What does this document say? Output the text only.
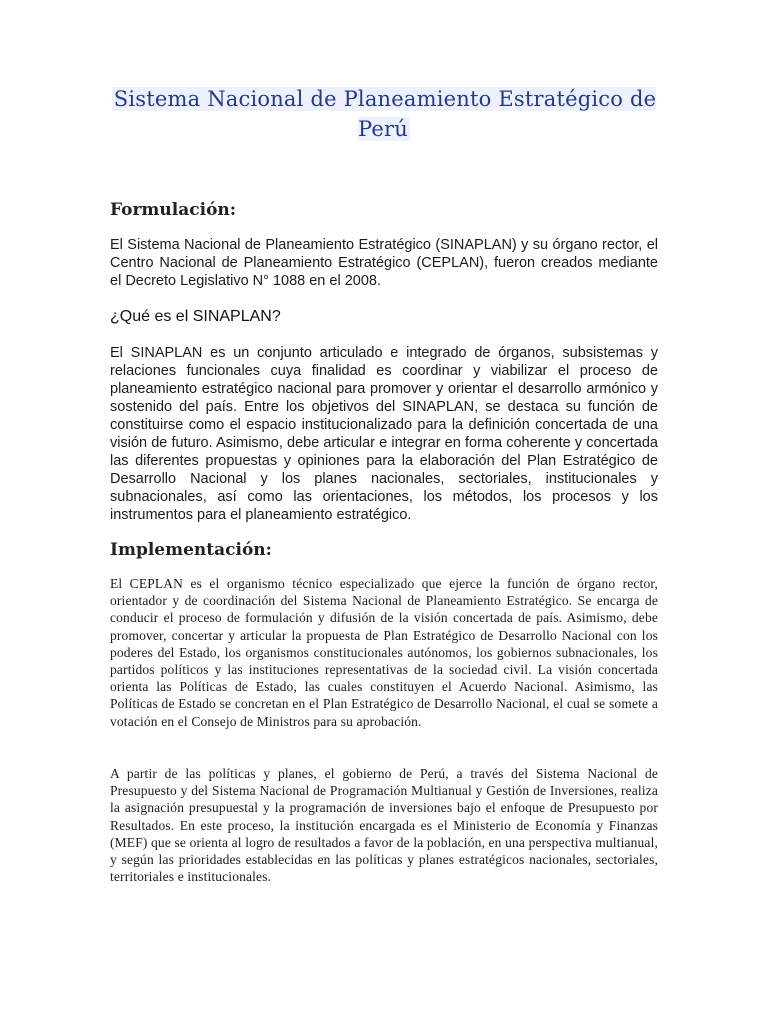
Sistema Nacional de Planeamiento Estratégico de Perú
Formulación:

El Sistema Nacional de Planeamiento Estratégico (SINAPLAN) y su órgano rector, el Centro Nacional de Planeamiento Estratégico (CEPLAN), fueron creados mediante el Decreto Legislativo N° 1088 en el 2008.

¿Qué es el SINAPLAN?

El SINAPLAN es un conjunto articulado e integrado de órganos, subsistemas y relaciones funcionales cuya finalidad es coordinar y viabilizar el proceso de planeamiento estratégico nacional para promover y orientar el desarrollo armónico y sostenido del país. Entre los objetivos del SINAPLAN, se destaca su función de constituirse como el espacio institucionalizado para la definición concertada de una visión de futuro. Asimismo, debe articular e integrar en forma coherente y concertada las diferentes propuestas y opiniones para la elaboración del Plan Estratégico de Desarrollo Nacional y los planes nacionales, sectoriales, institucionales y subnacionales, así como las orientaciones, los métodos, los procesos y los instrumentos para el planeamiento estratégico.

Implementación:

El CEPLAN es el organismo técnico especializado que ejerce la función de órgano rector, orientador y de coordinación del Sistema Nacional de Planeamiento Estratégico. Se encarga de conducir el proceso de formulación y difusión de la visión concertada de país. Asimismo, debe promover, concertar y articular la propuesta de Plan Estratégico de Desarrollo Nacional con los poderes del Estado, los organismos constitucionales autónomos, los gobiernos subnacionales, los partidos políticos y las instituciones representativas de la sociedad civil. La visión concertada orienta las Políticas de Estado, las cuales constituyen el Acuerdo Nacional. Asimismo, las Políticas de Estado se concretan en el Plan Estratégico de Desarrollo Nacional, el cual se somete a votación en el Consejo de Ministros para su aprobación.

A partir de las políticas y planes, el gobierno de Perú, a través del Sistema Nacional de Presupuesto y del Sistema Nacional de Programación Multianual y Gestión de Inversiones, realiza la asignación presupuestal y la programación de inversiones bajo el enfoque de Presupuesto por Resultados. En este proceso, la institución encargada es el Ministerio de Economía y Finanzas (MEF) que se orienta al logro de resultados a favor de la población, en una perspectiva multianual, y según las prioridades establecidas en las políticas y planes estratégicos nacionales, sectoriales, territoriales e institucionales.
